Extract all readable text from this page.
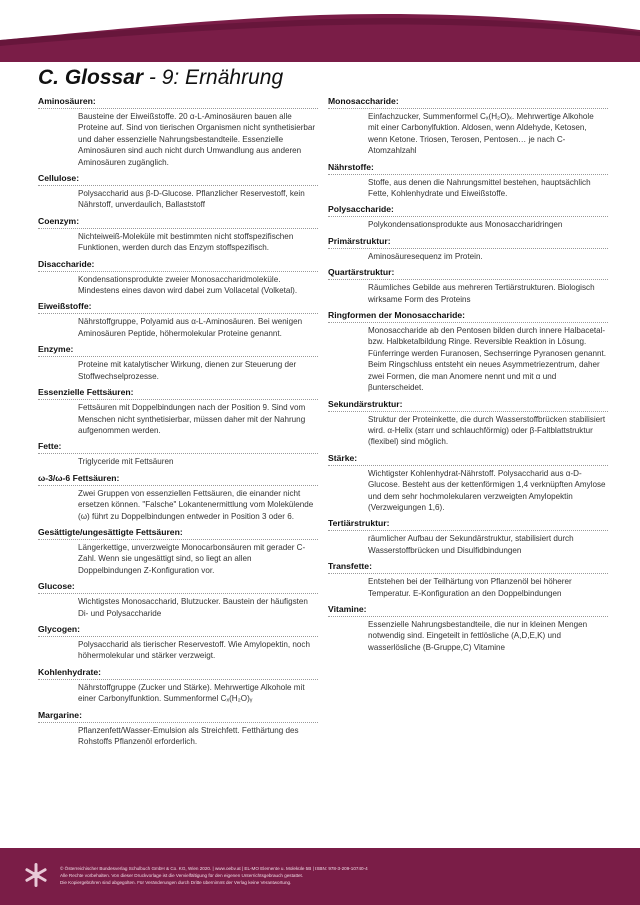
C. Glossar - 9: Ernährung
Aminosäuren:
Bausteine der Eiweißstoffe. 20 α-L-Aminosäuren bauen alle Proteine auf. Sind von tierischen Organismen nicht synthetisierbar und daher essenzielle Nahrungsbestandteile. Essenzielle Aminosäuren sind auch nicht durch Umwandlung aus anderen Aminosäuren zugänglich.
Cellulose:
Polysaccharid aus β-D-Glucose. Pflanzlicher Reservestoff, kein Nährstoff, unverdaulich, Ballaststoff
Coenzym:
Nichteiweiß-Moleküle mit bestimmten nicht stoffspezifischen Funktionen, werden durch das Enzym stoffspezifisch.
Disaccharide:
Kondensationsprodukte zweier Monosaccharidmoleküle. Mindestens eines davon wird dabei zum Vollacetal (Volketal).
Eiweißstoffe:
Nährstoffgruppe, Polyamid aus α-L-Aminosäuren. Bei wenigen Aminosäuren Peptide, höhermolekular Proteine genannt.
Enzyme:
Proteine mit katalytischer Wirkung, dienen zur Steuerung der Stoffwechselprozesse.
Essenzielle Fettsäuren:
Fettsäuren mit Doppelbindungen nach der Position 9. Sind vom Menschen nicht synthetisierbar, müssen daher mit der Nahrung aufgenommen werden.
Fette:
Triglyceride mit Fettsäuren
ω-3/ω-6 Fettsäuren:
Zwei Gruppen von essenziellen Fettsäuren, die einander nicht ersetzen können. "Falsche" Lokantenermittlung vom Molekülende (ω) führt zu Doppelbindungen entweder in Position 3 oder 6.
Gesättigte/ungesättigte Fettsäuren:
Längerkettige, unverzweigte Monocarbonsäuren mit gerader C-Zahl. Wenn sie ungesättigt sind, so liegt an allen Doppelbindungen Z-Konfiguration vor.
Glucose:
Wichtigstes Monosaccharid, Blutzucker. Baustein der häufigsten Di- und Polysaccharide
Glycogen:
Polysaccharid als tierischer Reservestoff. Wie Amylopektin, noch höhermolekular und stärker verzweigt.
Kohlenhydrate:
Nährstoffgruppe (Zucker und Stärke). Mehrwertige Alkohole mit einer Carbonylfunktion. Summenformel Cₓ(H₂O)ᵧ
Margarine:
Pflanzenfett/Wasser-Emulsion als Streichfett. Fetthärtung des Rohstoffs Pflanzenöl erforderlich.
Monosaccharide:
Einfachzucker, Summenformel Cₓ(H₂O)ₓ. Mehrwertige Alkohole mit einer Carbonylfuktion. Aldosen, wenn Aldehyde, Ketosen, wenn Ketone. Triosen, Terosen, Pentosen… je nach C-Atomzahlzahl
Nährstoffe:
Stoffe, aus denen die Nahrungsmittel bestehen, hauptsächlich Fette, Kohlenhydrate und Eiweißstoffe.
Polysaccharide:
Polykondensationsprodukte aus Monosaccharidringen
Primärstruktur:
Aminosäuresequenz im Protein.
Quartärstruktur:
Räumliches Gebilde aus mehreren Tertiärstrukturen. Biologisch wirksame Form des Proteins
Ringformen der Monosaccharide:
Monosaccharide ab den Pentosen bilden durch innere Halbacetal- bzw. Halbketalbildung Ringe. Reversible Reaktion in Lösung. Fünferringe werden Furanosen, Sechserringe Pyranosen genannt. Beim Ringschluss entsteht ein neues Asymmetriezentrum, daher zwei Formen, die man Anomere nennt und mit α und βunterscheidet.
Sekundärstruktur:
Struktur der Proteinkette, die durch Wasserstoffbrücken stabilisiert wird. α-Helix (starr und schlauchförmig) oder β-Faltblattstruktur (flexibel) sind möglich.
Stärke:
Wichtigster Kohlenhydrat-Nährstoff. Polysaccharid aus α-D-Glucose. Besteht aus der kettenförmigen 1,4 verknüpften Amylose und dem sehr hochmolekularen verzweigten Amylopektin (Verzweigungen 1,6).
Tertiärstruktur:
räumlicher Aufbau der Sekundärstruktur, stabilisiert durch Wasserstoffbrücken und Disulfidbindungen
Transfette:
Entstehen bei der Teilhärtung von Pflanzenöl bei höherer Temperatur. E-Konfiguration an den Doppelbindungen
Vitamine:
Essenzielle Nahrungsbestandteile, die nur in kleinen Mengen notwendig sind. Eingeteilt in fettlösliche (A,D,E,K) und wasserlösliche (B-Gruppe,C) Vitamine
© Österreichischer Bundesverlag Schulbuch GmbH & Co. KG, Wien 2020. | www.oebv.at | EL-MO Elemente u. Moleküle 5B | ISBN: 978-3-209-10740-4
Alle Rechte vorbehalten. Von dieser Druckvorlage ist die Vervielfältigung für den eigenen Unterrichtsgebrauch gestattet.
Die Kopiergebühren sind abgegolten. Für Veränderungen durch Dritte übernimmt der Verlag keine Verantwortung.
